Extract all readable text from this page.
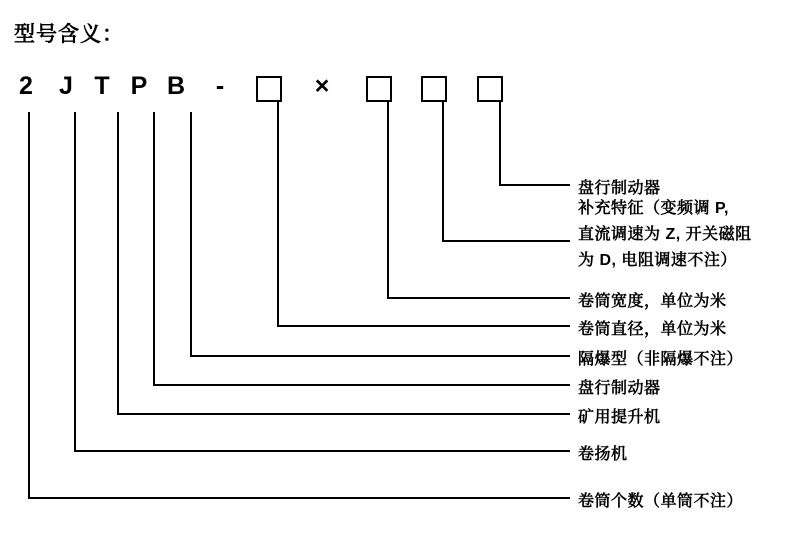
型号含义：
2	J T P B	-	×
盘行制动器
补充特征（变频调 P,
直流调速为 Z, 开关磁阻
为 D, 电阻调速不注）
卷筒宽度，单位为米
卷筒直径，单位为米
隔爆型（非隔爆不注）
盘行制动器
矿用提升机
卷扬机
卷筒个数（单筒不注）
